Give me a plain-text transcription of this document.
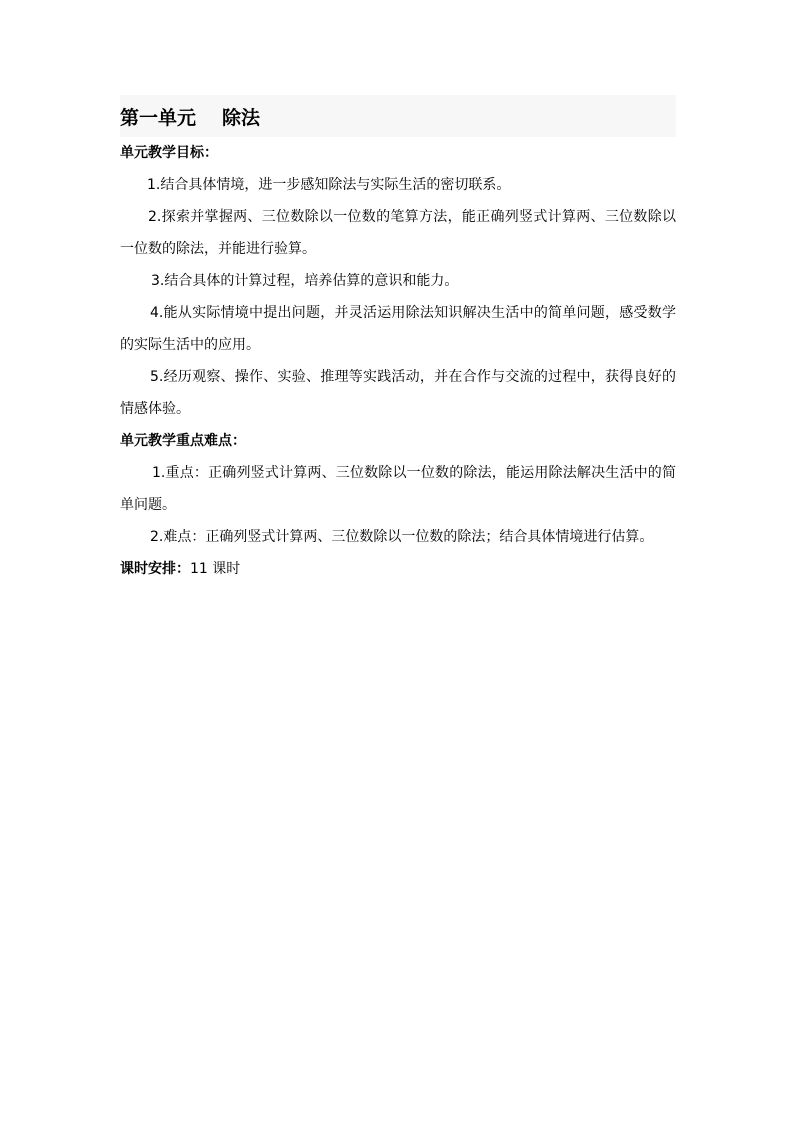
第一单元 除法
单元教学目标：
1.结合具体情境，进一步感知除法与实际生活的密切联系。
2.探索并掌握两、三位数除以一位数的笔算方法，能正确列竖式计算两、三位数除以一位数的除法，并能进行验算。
3.结合具体的计算过程，培养估算的意识和能力。
4.能从实际情境中提出问题，并灵活运用除法知识解决生活中的简单问题，感受数学的实际生活中的应用。
5.经历观察、操作、实验、推理等实践活动，并在合作与交流的过程中，获得良好的情感体验。
单元教学重点难点：
1.重点：正确列竖式计算两、三位数除以一位数的除法，能运用除法解决生活中的简单问题。
2.难点：正确列竖式计算两、三位数除以一位数的除法；结合具体情境进行估算。
课时安排：11 课时
